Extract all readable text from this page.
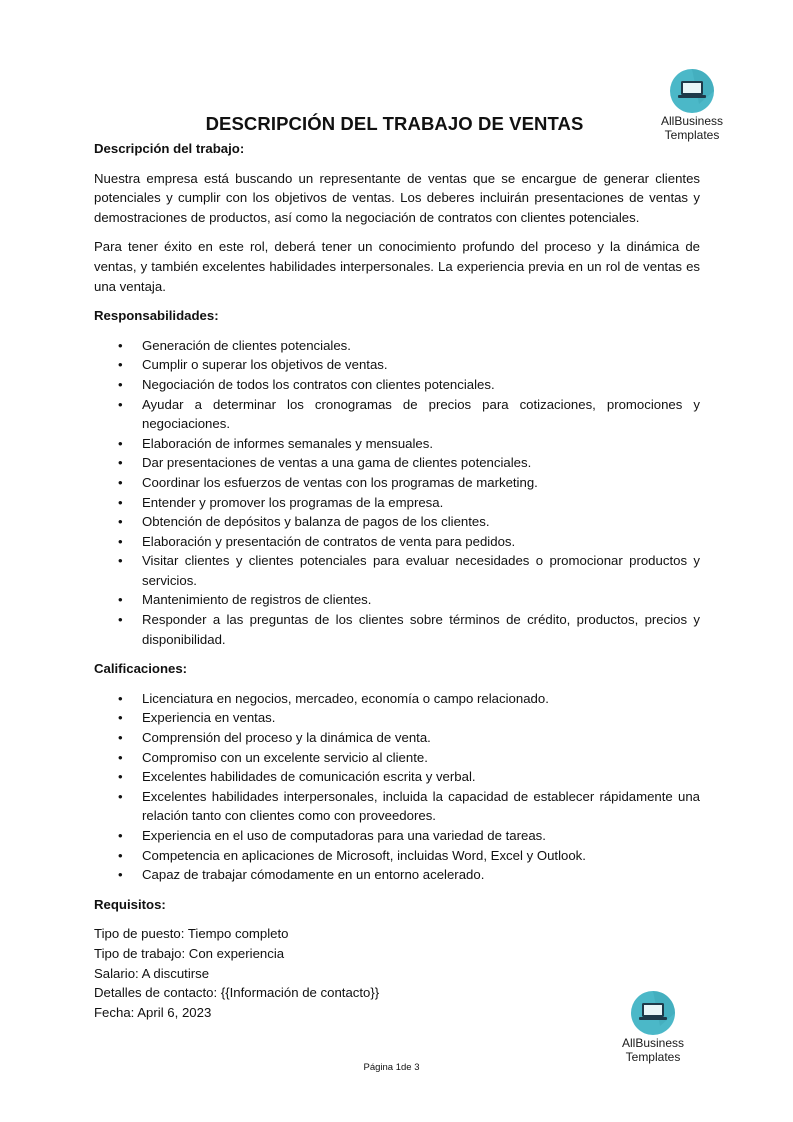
AllBusiness
Templates
DESCRIPCIÓN DEL TRABAJO DE VENTAS
Descripción del trabajo:

Nuestra empresa está buscando un representante de ventas que se encargue de generar clientes potenciales y cumplir con los objetivos de ventas. Los deberes incluirán presentaciones de ventas y demostraciones de productos, así como la negociación de contratos con clientes potenciales.

Para tener éxito en este rol, deberá tener un conocimiento profundo del proceso y la dinámica de ventas, y también excelentes habilidades interpersonales. La experiencia previa en un rol de ventas es una ventaja.

Responsabilidades:
• Generación de clientes potenciales.
• Cumplir o superar los objetivos de ventas.
• Negociación de todos los contratos con clientes potenciales.
• Ayudar a determinar los cronogramas de precios para cotizaciones, promociones y negociaciones.
• Elaboración de informes semanales y mensuales.
• Dar presentaciones de ventas a una gama de clientes potenciales.
• Coordinar los esfuerzos de ventas con los programas de marketing.
• Entender y promover los programas de la empresa.
• Obtención de depósitos y balanza de pagos de los clientes.
• Elaboración y presentación de contratos de venta para pedidos.
• Visitar clientes y clientes potenciales para evaluar necesidades o promocionar productos y servicios.
• Mantenimiento de registros de clientes.
• Responder a las preguntas de los clientes sobre términos de crédito, productos, precios y disponibilidad.
Calificaciones:
• Licenciatura en negocios, mercadeo, economía o campo relacionado.
• Experiencia en ventas.
• Comprensión del proceso y la dinámica de venta.
• Compromiso con un excelente servicio al cliente.
• Excelentes habilidades de comunicación escrita y verbal.
• Excelentes habilidades interpersonales, incluida la capacidad de establecer rápidamente una relación tanto con clientes como con proveedores.
• Experiencia en el uso de computadoras para una variedad de tareas.
• Competencia en aplicaciones de Microsoft, incluidas Word, Excel y Outlook.
• Capaz de trabajar cómodamente en un entorno acelerado.
Requisitos:

Tipo de puesto: Tiempo completo

Tipo de trabajo: Con experiencia

Salario: A discutirse

Detalles de contacto: {{Información de contacto}}

Fecha: April 6, 2023

AllBusiness
Templates
Página 1de 3
